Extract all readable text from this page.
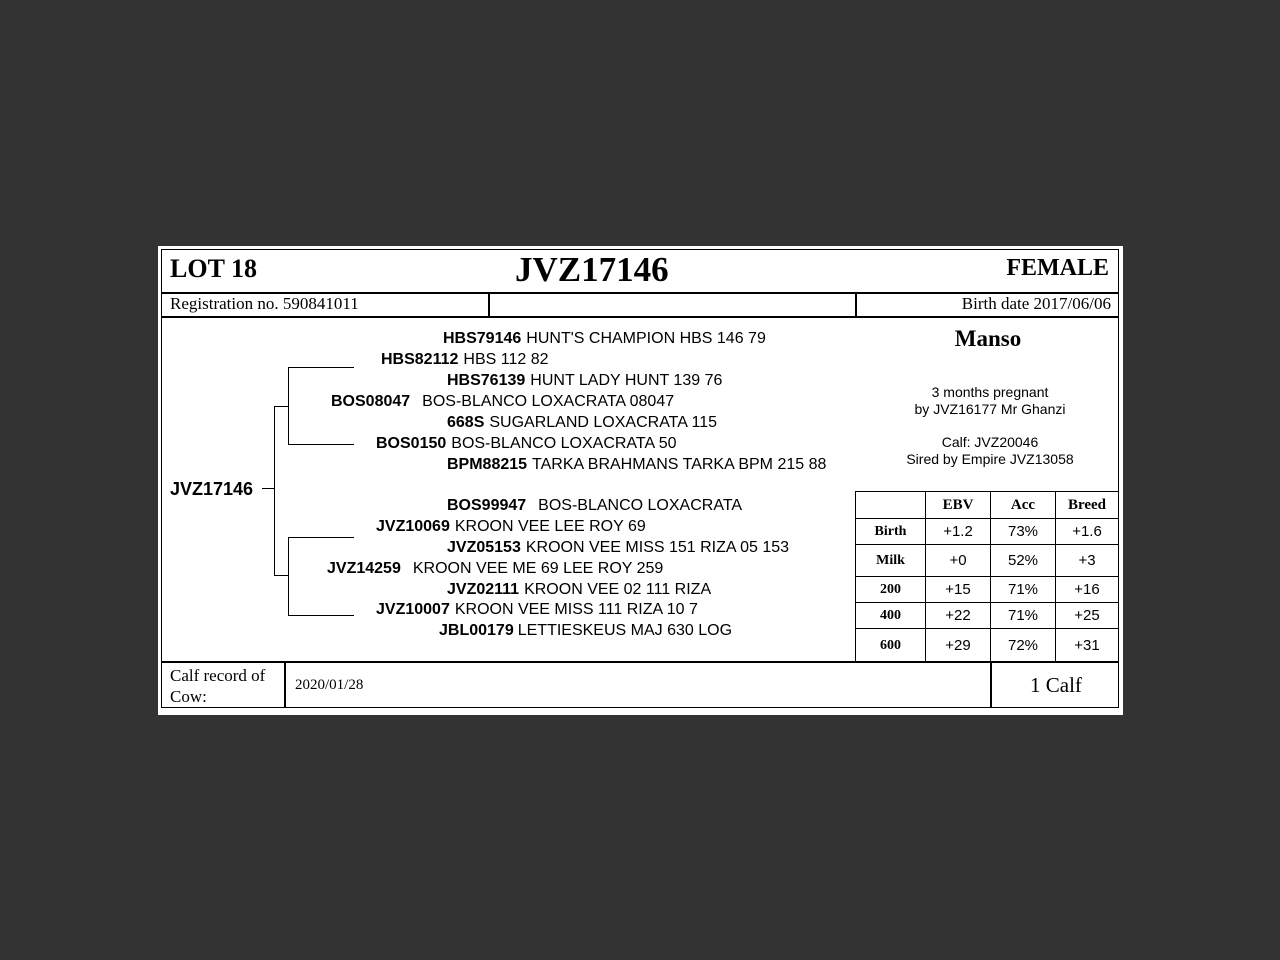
LOT 18	JVZ17146	FEMALE
Registration no. 590841011	Birth date 2017/06/06
JVZ17146
HBS79146 HUNT'S CHAMPION HBS 146 79
HBS82112 HBS 112 82
HBS76139 HUNT LADY HUNT 139 76
BOS08047 BOS-BLANCO LOXACRATA 08047
668S SUGARLAND LOXACRATA 115
BOS0150 BOS-BLANCO LOXACRATA 50
BPM88215 TARKA BRAHMANS TARKA BPM 215 88
BOS99947 BOS-BLANCO LOXACRATA
JVZ10069 KROON VEE LEE ROY 69
JVZ05153 KROON VEE MISS 151 RIZA 05 153
JVZ14259 KROON VEE ME 69 LEE ROY 259
JVZ02111 KROON VEE 02 111 RIZA
JVZ10007 KROON VEE MISS 111 RIZA 10 7
JBL00179 LETTIESKEUS MAJ 630 LOG
Manso
3 months pregnant
by JVZ16177 Mr Ghanzi
Calf: JVZ20046
Sired by Empire JVZ13058
	EBV	Acc	Breed
Birth	+1.2	73%	+1.6
Milk	+0	52%	+3
200	+15	71%	+16
400	+22	71%	+25
600	+29	72%	+31
Calf record of Cow:
2020/01/28	1 Calf
